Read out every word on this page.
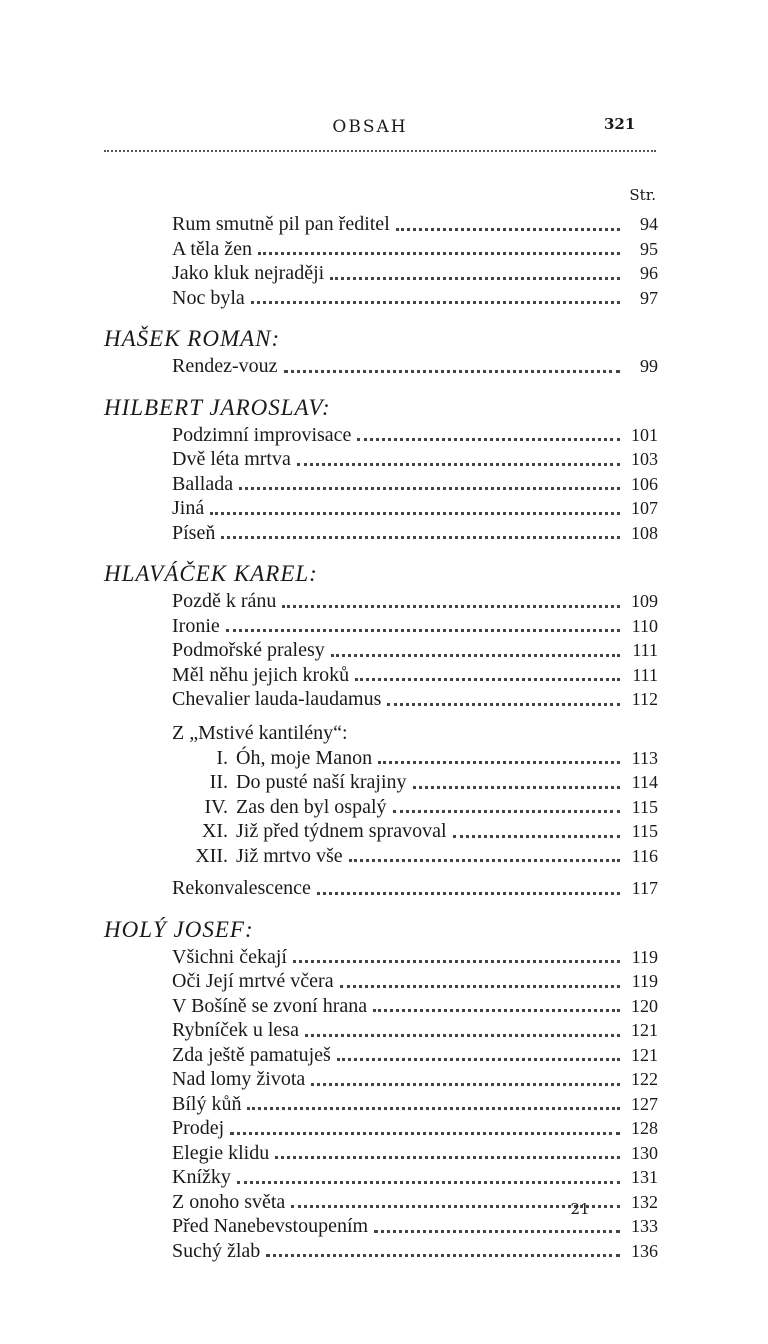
OBSAH	321
Str.
Rum smutně pil pan ředitel	94
A těla žen	95
Jako kluk nejraději	96
Noc byla	97
HAŠEK ROMAN:
Rendez-vouz	99
HILBERT JAROSLAV:
Podzimní improvisace	101
Dvě léta mrtva	103
Ballada	106
Jiná	107
Píseň	108
HLAVÁČEK KAREL:
Pozdě k ránu	109
Ironie	110
Podmořské pralesy	111
Měl něhu jejich kroků	111
Chevalier lauda-laudamus	112
Z „Mstivé kantilény“:
I. Óh, moje Manon	113
II. Do pusté naší krajiny	114
IV. Zas den byl ospalý	115
XI. Již před týdnem spravoval	115
XII. Již mrtvo vše	116
Rekonvalescence	117
HOLÝ JOSEF:
Všichni čekají	119
Oči Její mrtvé včera	119
V Bošíně se zvoní hrana	120
Rybníček u lesa	121
Zda ještě pamatuješ	121
Nad lomy života	122
Bílý kůň	127
Prodej	128
Elegie klidu	130
Knížky	131
Z onoho světa	132
Před Nanebevstoupením	133
Suchý žlab	136
21
